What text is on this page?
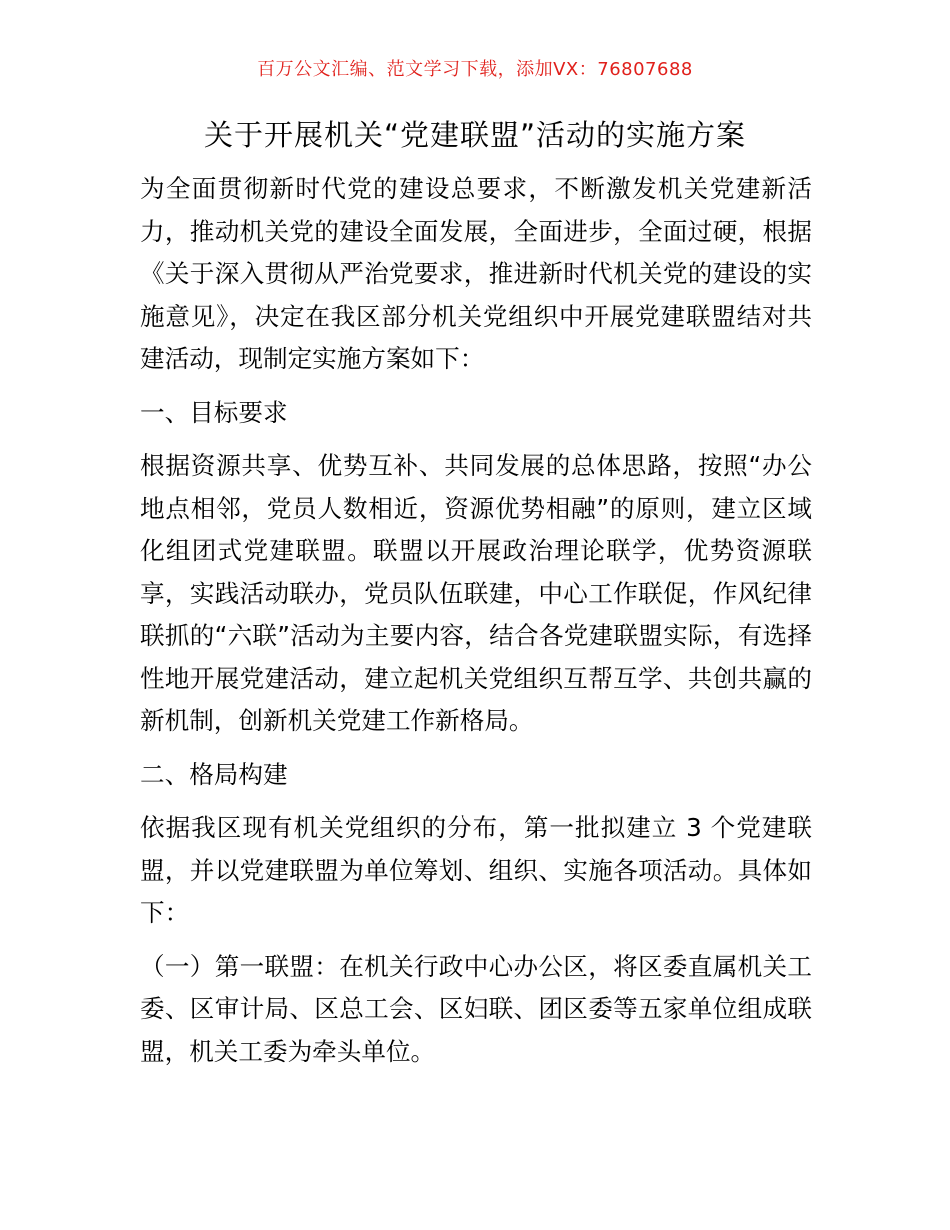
百万公文汇编、范文学习下载，添加VX：76807688
关于开展机关“党建联盟”活动的实施方案

为全面贯彻新时代党的建设总要求，不断激发机关党建新活力，推动机关党的建设全面发展，全面进步，全面过硬，根据《关于深入贯彻从严治党要求，推进新时代机关党的建设的实施意见》，决定在我区部分机关党组织中开展党建联盟结对共建活动，现制定实施方案如下：

一、目标要求

根据资源共享、优势互补、共同发展的总体思路，按照“办公地点相邻，党员人数相近，资源优势相融”的原则，建立区域化组团式党建联盟。联盟以开展政治理论联学，优势资源联享，实践活动联办，党员队伍联建，中心工作联促，作风纪律联抓的“六联”活动为主要内容，结合各党建联盟实际，有选择性地开展党建活动，建立起机关党组织互帮互学、共创共赢的新机制，创新机关党建工作新格局。

二、格局构建

依据我区现有机关党组织的分布，第一批拟建立 3 个党建联盟，并以党建联盟为单位筹划、组织、实施各项活动。具体如下：

（一）第一联盟：在机关行政中心办公区，将区委直属机关工委、区审计局、区总工会、区妇联、团区委等五家单位组成联盟，机关工委为牵头单位。
